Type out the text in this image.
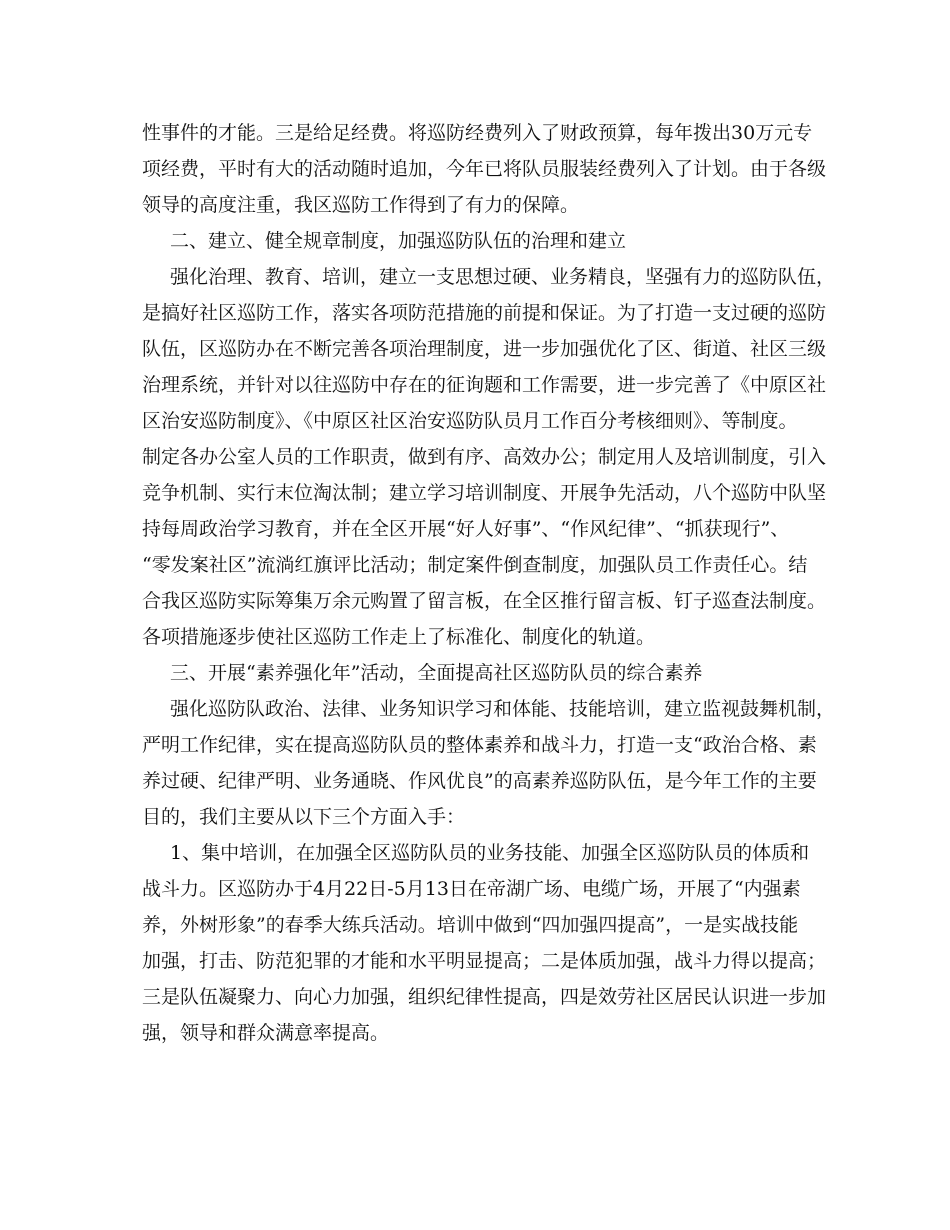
性事件的才能。三是给足经费。将巡防经费列入了财政预算，每年拨出30万元专
项经费，平时有大的活动随时追加，今年已将队员服装经费列入了计划。由于各级
领导的高度注重，我区巡防工作得到了有力的保障。
二、建立、健全规章制度，加强巡防队伍的治理和建立
强化治理、教育、培训，建立一支思想过硬、业务精良，坚强有力的巡防队伍，
是搞好社区巡防工作，落实各项防范措施的前提和保证。为了打造一支过硬的巡防
队伍，区巡防办在不断完善各项治理制度，进一步加强优化了区、街道、社区三级
治理系统，并针对以往巡防中存在的征询题和工作需要，进一步完善了《中原区社
区治安巡防制度》、《中原区社区治安巡防队员月工作百分考核细则》、等制度。
制定各办公室人员的工作职责，做到有序、高效办公；制定用人及培训制度，引入
竞争机制、实行末位淘汰制；建立学习培训制度、开展争先活动，八个巡防中队坚
持每周政治学习教育，并在全区开展“好人好事”、“作风纪律”、“抓获现行”、
“零发案社区”流淌红旗评比活动；制定案件倒查制度，加强队员工作责任心。结
合我区巡防实际筹集万余元购置了留言板，在全区推行留言板、钉子巡查法制度。
各项措施逐步使社区巡防工作走上了标准化、制度化的轨道。
三、开展“素养强化年”活动，全面提高社区巡防队员的综合素养
强化巡防队政治、法律、业务知识学习和体能、技能培训，建立监视鼓舞机制，
严明工作纪律，实在提高巡防队员的整体素养和战斗力，打造一支“政治合格、素
养过硬、纪律严明、业务通晓、作风优良”的高素养巡防队伍，是今年工作的主要
目的，我们主要从以下三个方面入手：
1、集中培训，在加强全区巡防队员的业务技能、加强全区巡防队员的体质和
战斗力。区巡防办于4月22日-5月13日在帝湖广场、电缆广场，开展了“内强素
养，外树形象”的春季大练兵活动。培训中做到“四加强四提高”，一是实战技能
加强，打击、防范犯罪的才能和水平明显提高；二是体质加强，战斗力得以提高；
三是队伍凝聚力、向心力加强，组织纪律性提高，四是效劳社区居民认识进一步加
强，领导和群众满意率提高。
